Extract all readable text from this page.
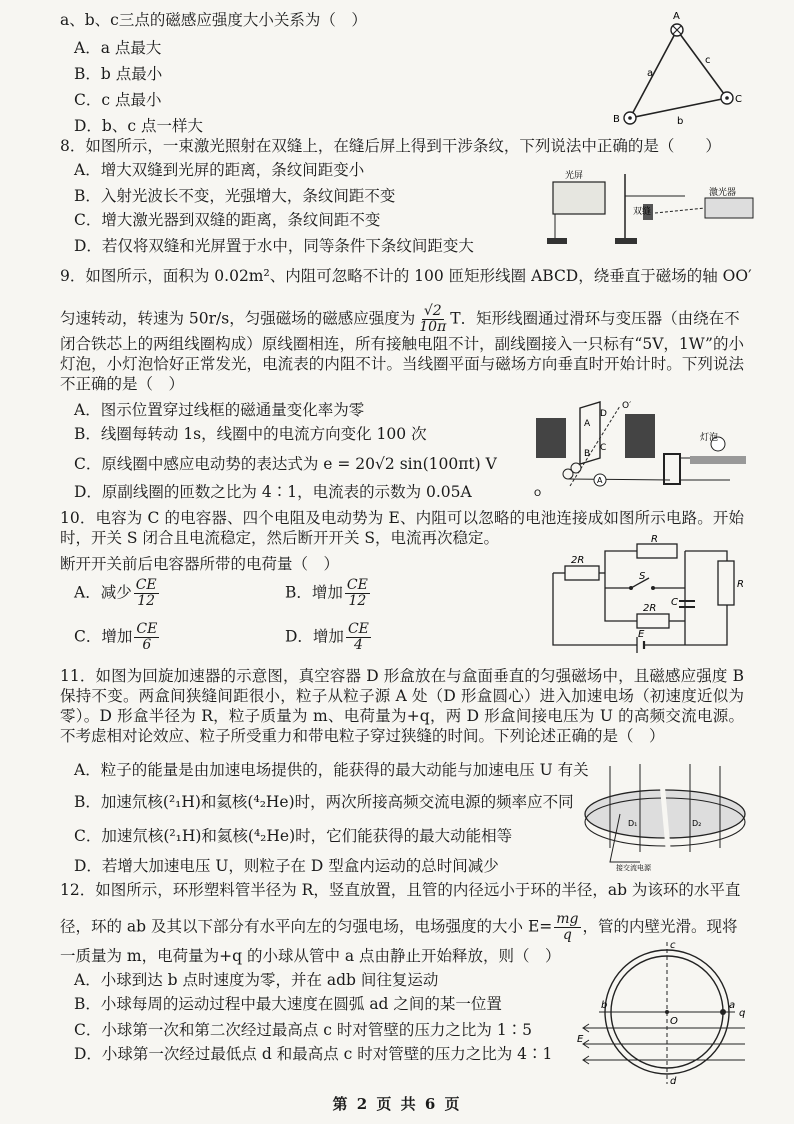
a、b、c三点的磁感应强度大小关系为（　）
A．a 点最大
B．b 点最小
C．c 点最小
D．b、c 点一样大
A
B
C
a
b
c
8．如图所示，一束激光照射在双缝上，在缝后屏上得到干涉条纹，下列说法中正确的是（　　）
A．增大双缝到光屏的距离，条纹间距变小
B．入射光波长不变，光强增大，条纹间距不变
C．增大激光器到双缝的距离，条纹间距不变
D．若仅将双缝和光屏置于水中，同等条件下条纹间距变大
光屏
双缝
激光器
9．如图所示，面积为 0.02m²、内阻可忽略不计的 100 匝矩形线圈 ABCD，绕垂直于磁场的轴 OO′
匀速转动，转速为 50r/s，匀强磁场的磁感应强度为 $\frac{√2}{10\pi}$ T．矩形线圈通过滑环与变压器（由绕在不
闭合铁芯上的两组线圈构成）原线圈相连，所有接触电阻不计，副线圈接入一只标有“5V，1W”的小灯泡，小灯泡恰好正常发光，电流表的内阻不计。当线圈平面与磁场方向垂直时开始计时。下列说法不正确的是（　）
A．图示位置穿过线框的磁通量变化率为零
B．线圈每转动 1s，线圈中的电流方向变化 100 次
C．原线圈中感应电动势的表达式为 e = 20√2 sin(100πt) V
D．原副线圈的匝数之比为 4∶1，电流表的示数为 0.05A
A
B
C
D
O
O′
A
灯泡
10．电容为 C 的电容器、四个电阻及电动势为 E、内阻可以忽略的电池连接成如图所示电路。开始时，开关 S 闭合且电流稳定，然后断开开关 S，电流再次稳定。
断开开关前后电容器所带的电荷量（　）
A．减少 $\frac{CE}{12}$	B．增加 $\frac{CE}{12}$
C．增加 $\frac{CE}{6}$	D．增加 $\frac{CE}{4}$
R
2R
S
2R
C
R
E
11．如图为回旋加速器的示意图，真空容器 D 形盒放在与盒面垂直的匀强磁场中，且磁感应强度 B 保持不变。两盒间狭缝间距很小，粒子从粒子源 A 处（D 形盒圆心）进入加速电场（初速度近似为零）。D 形盒半径为 R，粒子质量为 m、电荷量为+q，两 D 形盒间接电压为 U 的高频交流电源。不考虑相对论效应、粒子所受重力和带电粒子穿过狭缝的时间。下列论述正确的是（　）
A．粒子的能量是由加速电场提供的，能获得的最大动能与加速电压 U 有关
B．加速氘核(²₁H)和氦核(⁴₂He)时，两次所接高频交流电源的频率应不同
C．加速氘核(²₁H)和氦核(⁴₂He)时，它们能获得的最大动能相等
D．若增大加速电压 U，则粒子在 D 型盒内运动的总时间减少
D₁	D₂
接交流电源
12．如图所示，环形塑料管半径为 R，竖直放置，且管的内径远小于环的半径，ab 为该环的水平直
径，环的 ab 及其以下部分有水平向左的匀强电场，电场强度的大小 $E= \frac{mg}{q}$ ，管的内壁光滑。现将
一质量为 m，电荷量为+q 的小球从管中 a 点由静止开始释放，则（　）
A．小球到达 b 点时速度为零，并在 adb 间往复运动
B．小球每周的运动过程中最大速度在圆弧 ad 之间的某一位置
C．小球第一次和第二次经过最高点 c 时对管壁的压力之比为 1∶5
D．小球第一次经过最低点 d 和最高点 c 时对管壁的压力之比为 4∶1
c
b	a
O
E
d
q
第 2 页 共 6 页
